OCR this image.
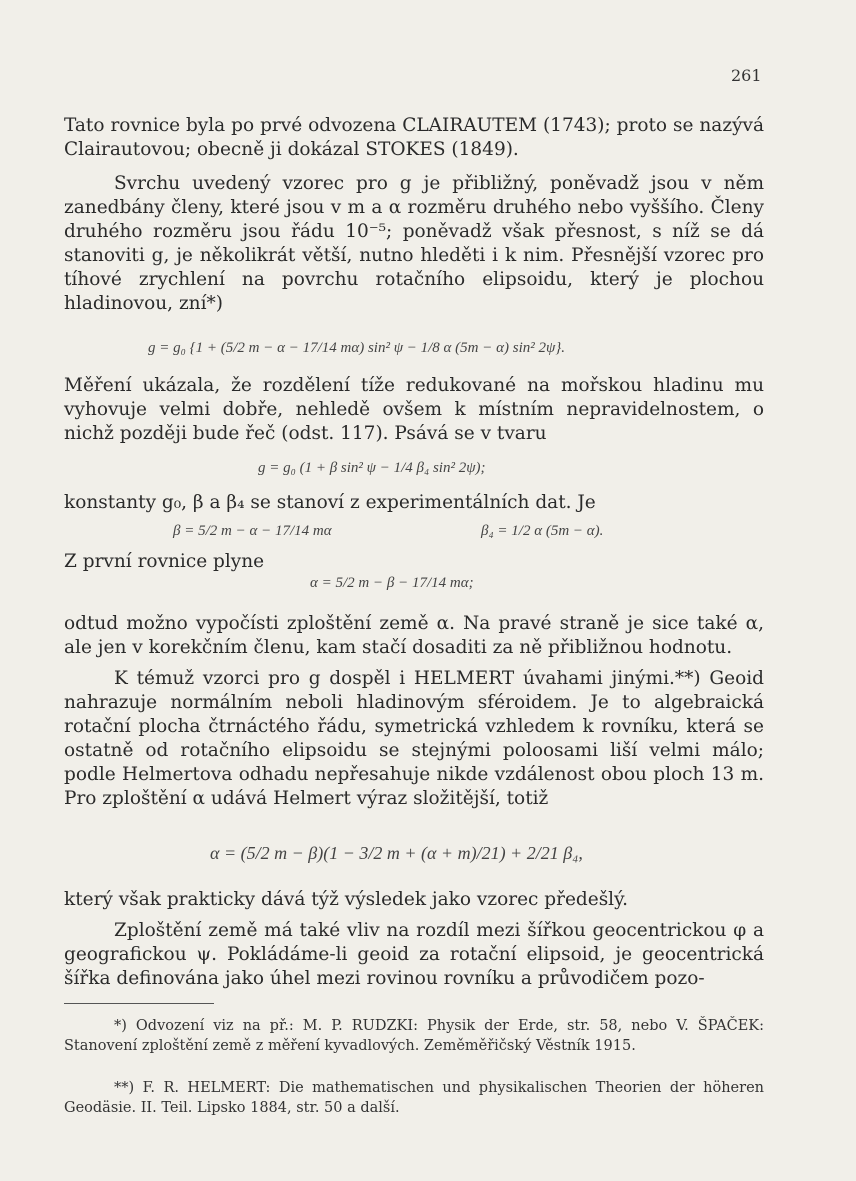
261

Tato rovnice byla po prvé odvozena CLAIRAUTEM (1743); proto se nazývá Clairautovou; obecně ji dokázal STOKES (1849).

Svrchu uvedený vzorec pro g je přibližný, poněvadž jsou v něm zanedbány členy, které jsou v m a α rozměru druhého nebo vyššího. Členy druhého rozměru jsou řádu 10⁻⁵; poněvadž však přesnost, s níž se dá stanoviti g, je několikrát větší, nutno hleděti i k nim. Přesnější vzorec pro tíhové zrychlení na povrchu rotačního elipsoidu, který je plochou hladinovou, zní*)

g = g₀ {1 + (5/2 m − α − 17/14 mα) sin² ψ − 1/8 α (5m − α) sin² 2ψ}.

Měření ukázala, že rozdělení tíže redukované na mořskou hladinu mu vyhovuje velmi dobře, nehledě ovšem k místním nepravidelnostem, o nichž později bude řeč (odst. 117). Psává se v tvaru

g = g₀ (1 + β sin² ψ − 1/4 β₄ sin² 2ψ);

konstanty g₀, β a β₄ se stanoví z experimentálních dat. Je

β = 5/2 m − α − 17/14 mα	β₄ = 1/2 α (5m − α).

Z první rovnice plyne

α = 5/2 m − β − 17/14 mα;

odtud možno vypočísti zploštění země α. Na pravé straně je sice také α, ale jen v korekčním členu, kam stačí dosaditi za ně přibližnou hodnotu.

K témuž vzorci pro g dospěl i HELMERT úvahami jinými.**) Geoid nahrazuje normálním neboli hladinovým sféroidem. Je to algebraická rotační plocha čtrnáctého řádu, symetrická vzhledem k rovníku, která se ostatně od rotačního elipsoidu se stejnými poloosami liší velmi málo; podle Helmertova odhadu nepřesahuje nikde vzdálenost obou ploch 13 m. Pro zploštění α udává Helmert výraz složitější, totiž

α = (5/2 m − β)(1 − 3/2 m + (α + m)/21) + 2/21 β₄,

který však prakticky dává týž výsledek jako vzorec předešlý.

Zploštění země má také vliv na rozdíl mezi šířkou geocentrickou φ a geografickou ψ. Pokládáme-li geoid za rotační elipsoid, je geocentrická šířka definována jako úhel mezi rovinou rovníku a průvodičem pozo-

*) Odvození viz na př.: M. P. RUDZKI: Physik der Erde, str. 58, nebo V. ŠPAČEK: Stanovení zploštění země z měření kyvadlových. Zeměměřičský Věstník 1915.

**) F. R. HELMERT: Die mathematischen und physikalischen Theorien der höheren Geodäsie. II. Teil. Lipsko 1884, str. 50 a další.
